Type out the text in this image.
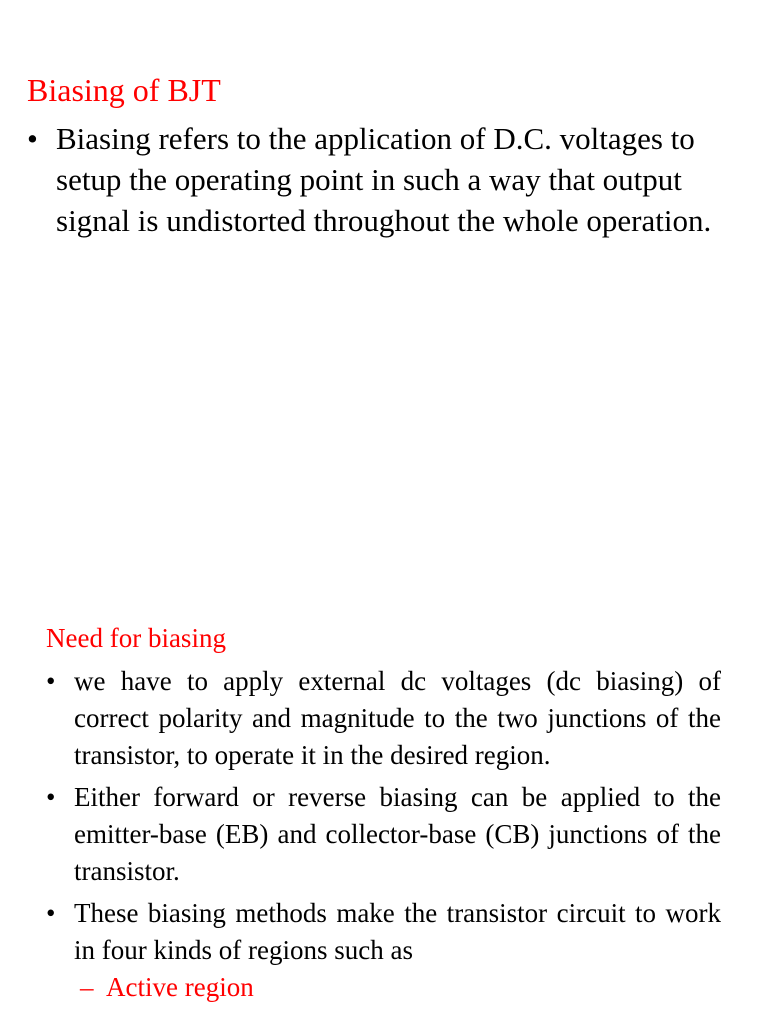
Biasing of BJT
• Biasing refers to the application of D.C. voltages to setup the operating point in such a way that output signal is undistorted throughout the whole operation.
Need for biasing
• we have to apply external dc voltages (dc biasing) of correct polarity and magnitude to the two junctions of the transistor, to operate it in the desired region.
• Either forward or reverse biasing can be applied to the emitter-base (EB) and collector-base (CB) junctions of the transistor.
• These biasing methods make the transistor circuit to work in four kinds of regions such as
– Active region
